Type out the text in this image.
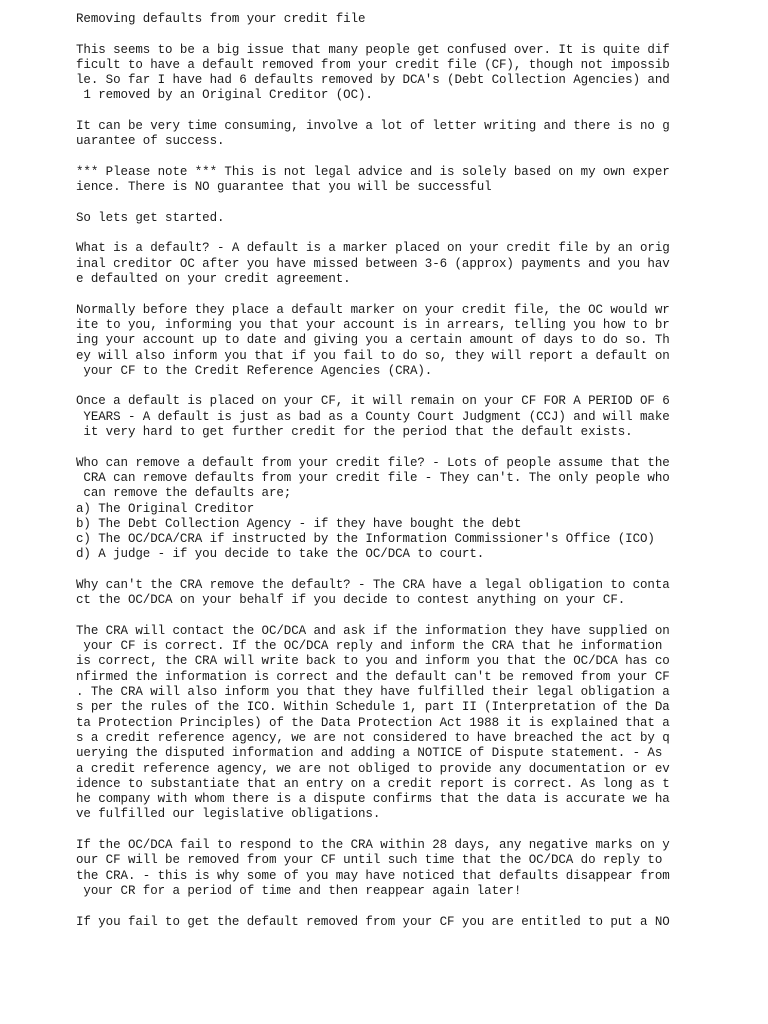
Removing defaults from your credit file
This seems to be a big issue that many people get confused over. It is quite dif
ficult to have a default removed from your credit file (CF), though not impossib
le. So far I have had 6 defaults removed by DCA's (Debt Collection Agencies) and
1 removed by an Original Creditor (OC).
It can be very time consuming, involve a lot of letter writing and there is no g
uarantee of success.
*** Please note *** This is not legal advice and is solely based on my own exper
ience. There is NO guarantee that you will be successful
So lets get started.
What is a default? - A default is a marker placed on your credit file by an orig
inal creditor OC after you have missed between 3-6 (approx) payments and you hav
e defaulted on your credit agreement.
Normally before they place a default marker on your credit file, the OC would wr
ite to you, informing you that your account is in arrears, telling you how to br
ing your account up to date and giving you a certain amount of days to do so. Th
ey will also inform you that if you fail to do so, they will report a default on
your CF to the Credit Reference Agencies (CRA).
Once a default is placed on your CF, it will remain on your CF FOR A PERIOD OF 6
YEARS - A default is just as bad as a County Court Judgment (CCJ) and will make
it very hard to get further credit for the period that the default exists.
Who can remove a default from your credit file? - Lots of people assume that the
CRA can remove defaults from your credit file - They can't. The only people who
can remove the defaults are;
a) The Original Creditor
b) The Debt Collection Agency - if they have bought the debt
c) The OC/DCA/CRA if instructed by the Information Commissioner's Office (ICO)
d) A judge - if you decide to take the OC/DCA to court.
Why can't the CRA remove the default? - The CRA have a legal obligation to conta
ct the OC/DCA on your behalf if you decide to contest anything on your CF.
The CRA will contact the OC/DCA and ask if the information they have supplied on
your CF is correct. If the OC/DCA reply and inform the CRA that he information
is correct, the CRA will write back to you and inform you that the OC/DCA has co
nfirmed the information is correct and the default can't be removed from your CF
. The CRA will also inform you that they have fulfilled their legal obligation a
s per the rules of the ICO. Within Schedule 1, part II (Interpretation of the Da
ta Protection Principles) of the Data Protection Act 1988 it is explained that a
s a credit reference agency, we are not considered to have breached the act by q
uerying the disputed information and adding a NOTICE of Dispute statement. - As
a credit reference agency, we are not obliged to provide any documentation or ev
idence to substantiate that an entry on a credit report is correct. As long as t
he company with whom there is a dispute confirms that the data is accurate we ha
ve fulfilled our legislative obligations.
If the OC/DCA fail to respond to the CRA within 28 days, any negative marks on y
our CF will be removed from your CF until such time that the OC/DCA do reply to
the CRA. - this is why some of you may have noticed that defaults disappear from
your CR for a period of time and then reappear again later!
If you fail to get the default removed from your CF you are entitled to put a NO
